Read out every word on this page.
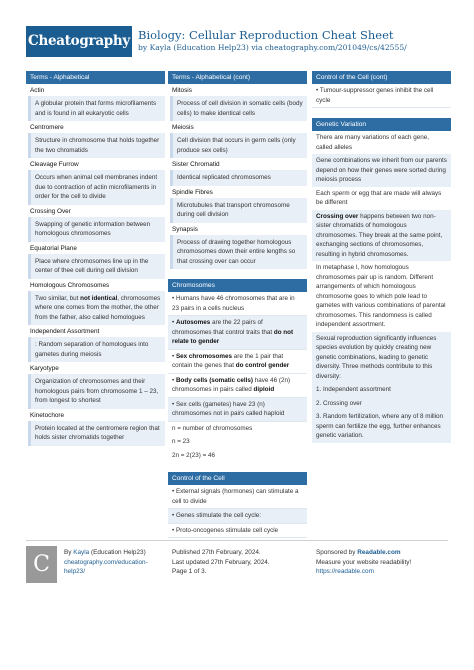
Cheatography Biology: Cellular Reproduction Cheat Sheet
by Kayla (Education Help23) via cheatography.com/201049/cs/42555/
Terms - Alphabetical
Actin
A globular protein that forms microfilaments and is found in all eukaryotic cells
Centromere
Structure in chromosome that holds together the two chromatids
Cleavage Furrow
Occurs when animal cell membranes indent due to contraction of actin microfilaments in order for the cell to divide
Crossing Over
Swapping of genetic information between homologous chromosomes
Equatorial Plane
Place where chromosomes line up in the center of thee cell during cell division
Homologous Chromosomes
Two similar, but not identical, chromosomes where one comes from the mother, the other from the father, also called homologues
Independent Assortment
: Random separation of homologues into gametes during meiosis
Karyotype
Organization of chromosomes and their homologous pairs from chromosome 1 – 23, from longest to shortest
Kinetochore
Protein located at the centromere region that holds sister chromatids together
Terms - Alphabetical (cont)
Mitosis
Process of cell division in somatic cells (body cells) to make identical cells
Meiosis
Cell division that occurs in germ cells (only produce sex cells)
Sister Chromatid
Identical replicated chromosomes
Spindle Fibres
Microtubules that transport chromosome during cell division
Synapsis
Process of drawing together homologous chromosomes down their entire lengths so that crossing over can occur
Chromosomes
• Humans have 46 chromosomes that are in 23 pairs in a cells nucleus
• Autosomes are the 22 pairs of chromosomes that control traits that do not relate to gender
• Sex chromosomes are the 1 pair that contain the genes that do control gender
• Body cells (somatic cells) have 46 (2n) chromosomes in pairs called diploid
• Sex cells (gametes) have 23 (n) chromosomes not in pairs called haploid
n = number of chromosomes
n = 23
2n = 2(23) = 46
Control of the Cell
• External signals (hormones) can stimulate a cell to divide
• Genes stimulate the cell cycle:
• Proto-oncogenes stimulate cell cycle
Control of the Cell (cont)
• Tumour-suppressor genes inhibit the cell cycle
Genetic Variation
There are many variations of each gene, called alleles
Gene combinations we inherit from our parents depend on how their genes were sorted during meiosis process
Each sperm or egg that are made will always be different
Crossing over happens between two non-sister chromatids of homologous chromosomes. They break at the same point, exchanging sections of chromosomes, resulting in hybrid chromosomes.
In metaphase I, how homologous chromosomes pair up is random. Different arrangements of which homologous chromosome goes to which pole lead to gametes with various combinations of parental chromosomes. This randomness is called independent assortment.
Sexual reproduction significantly influences species evolution by quickly creating new genetic combinations, leading to genetic diversity. Three methods contribute to this diversity:
1. Independent assortment
2. Crossing over
3. Random fertilization, where any of 8 million sperm can fertilize the egg, further enhances genetic variation.
C	By Kayla (Education Help23)
cheatography.com/education-help23/
Published 27th February, 2024.
Last updated 27th February, 2024.
Page 1 of 3.
Sponsored by Readable.com
Measure your website readability!
https://readable.com
